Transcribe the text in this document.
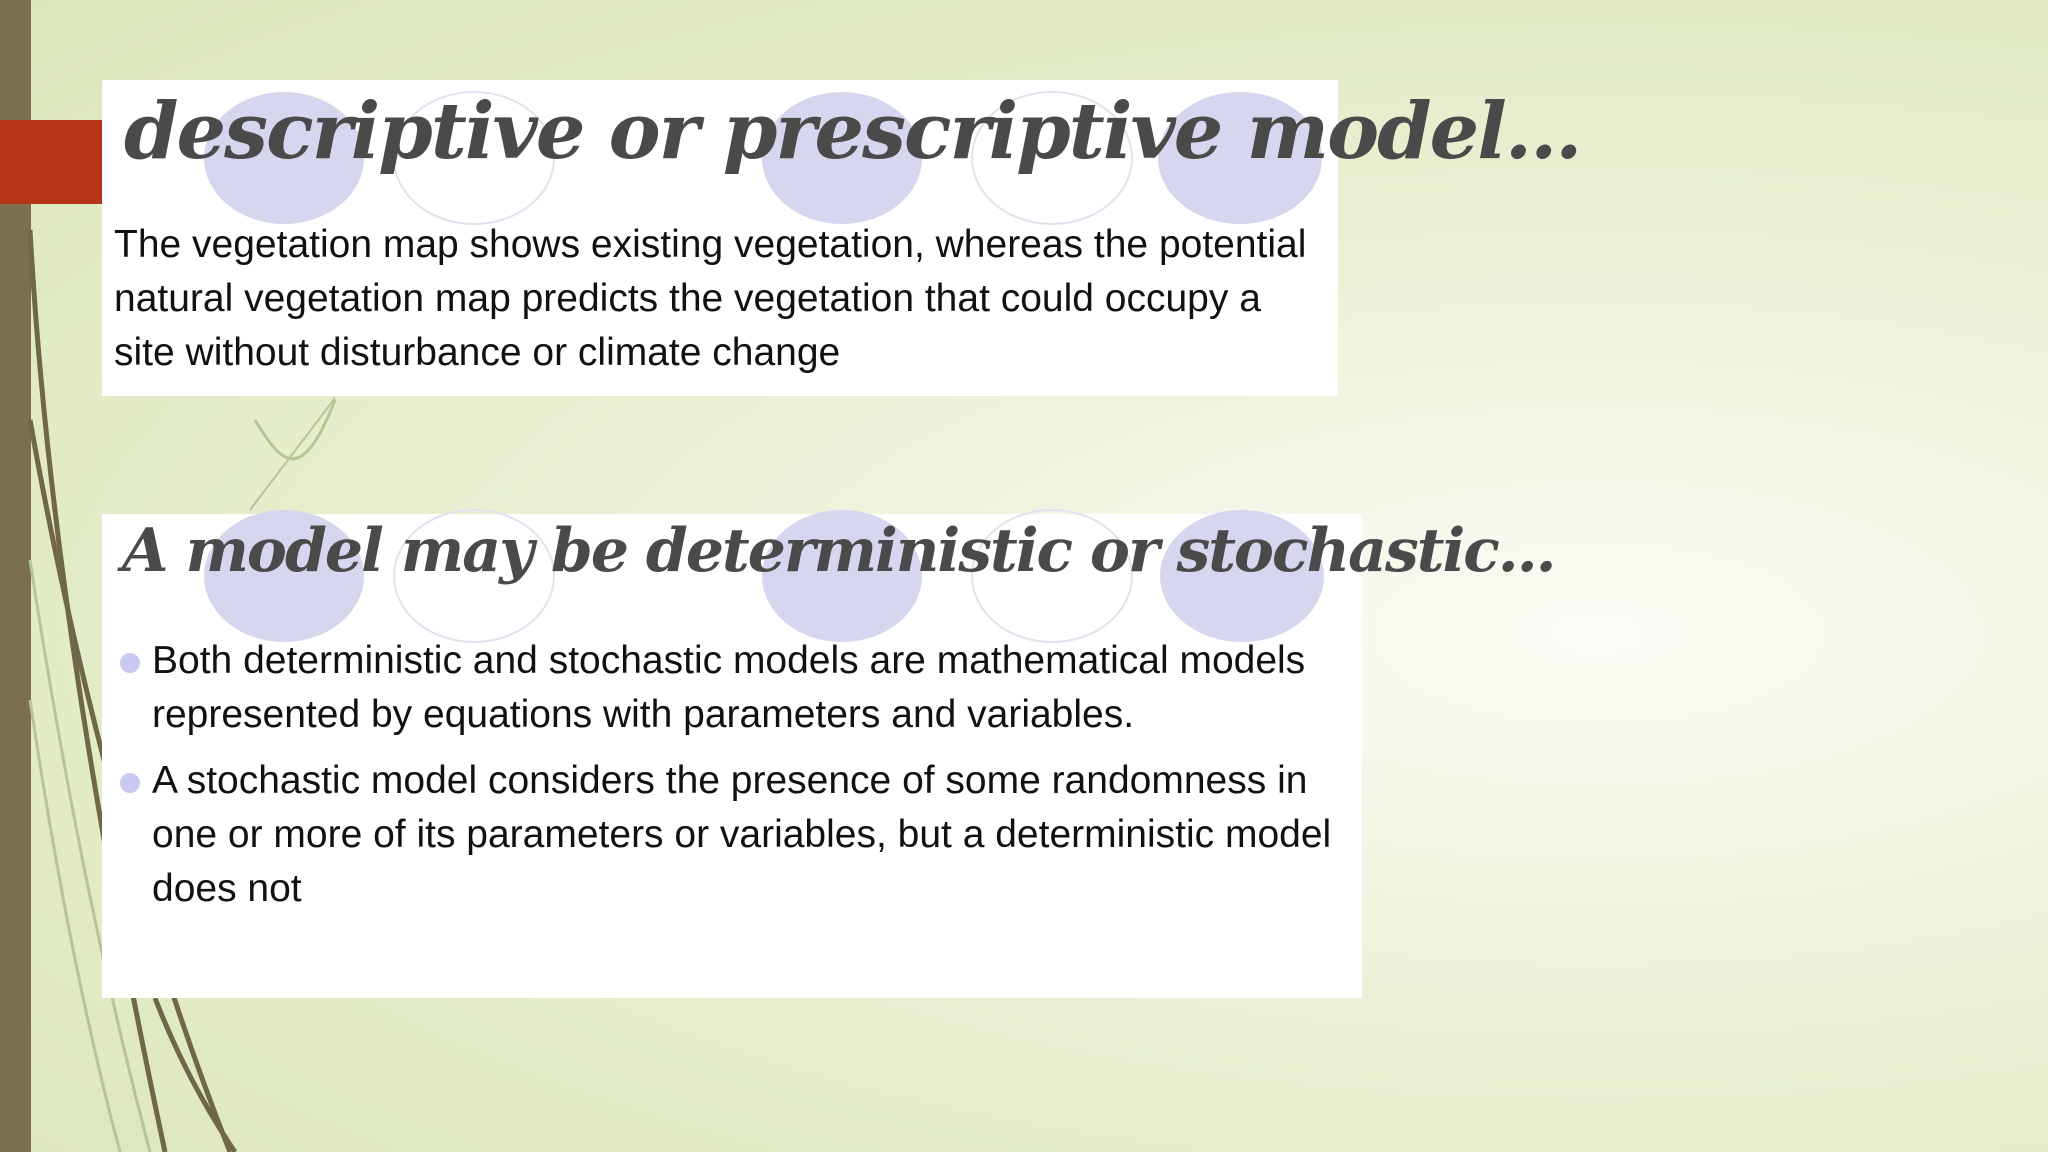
descriptive or prescriptive model...

The vegetation map shows existing vegetation, whereas the potential natural vegetation map predicts the vegetation that could occupy a site without disturbance or climate change

A model may be deterministic or stochastic...
Both deterministic and stochastic models are mathematical models represented by equations with parameters and variables.
A stochastic model considers the presence of some randomness in one or more of its parameters or variables, but a deterministic model does not
